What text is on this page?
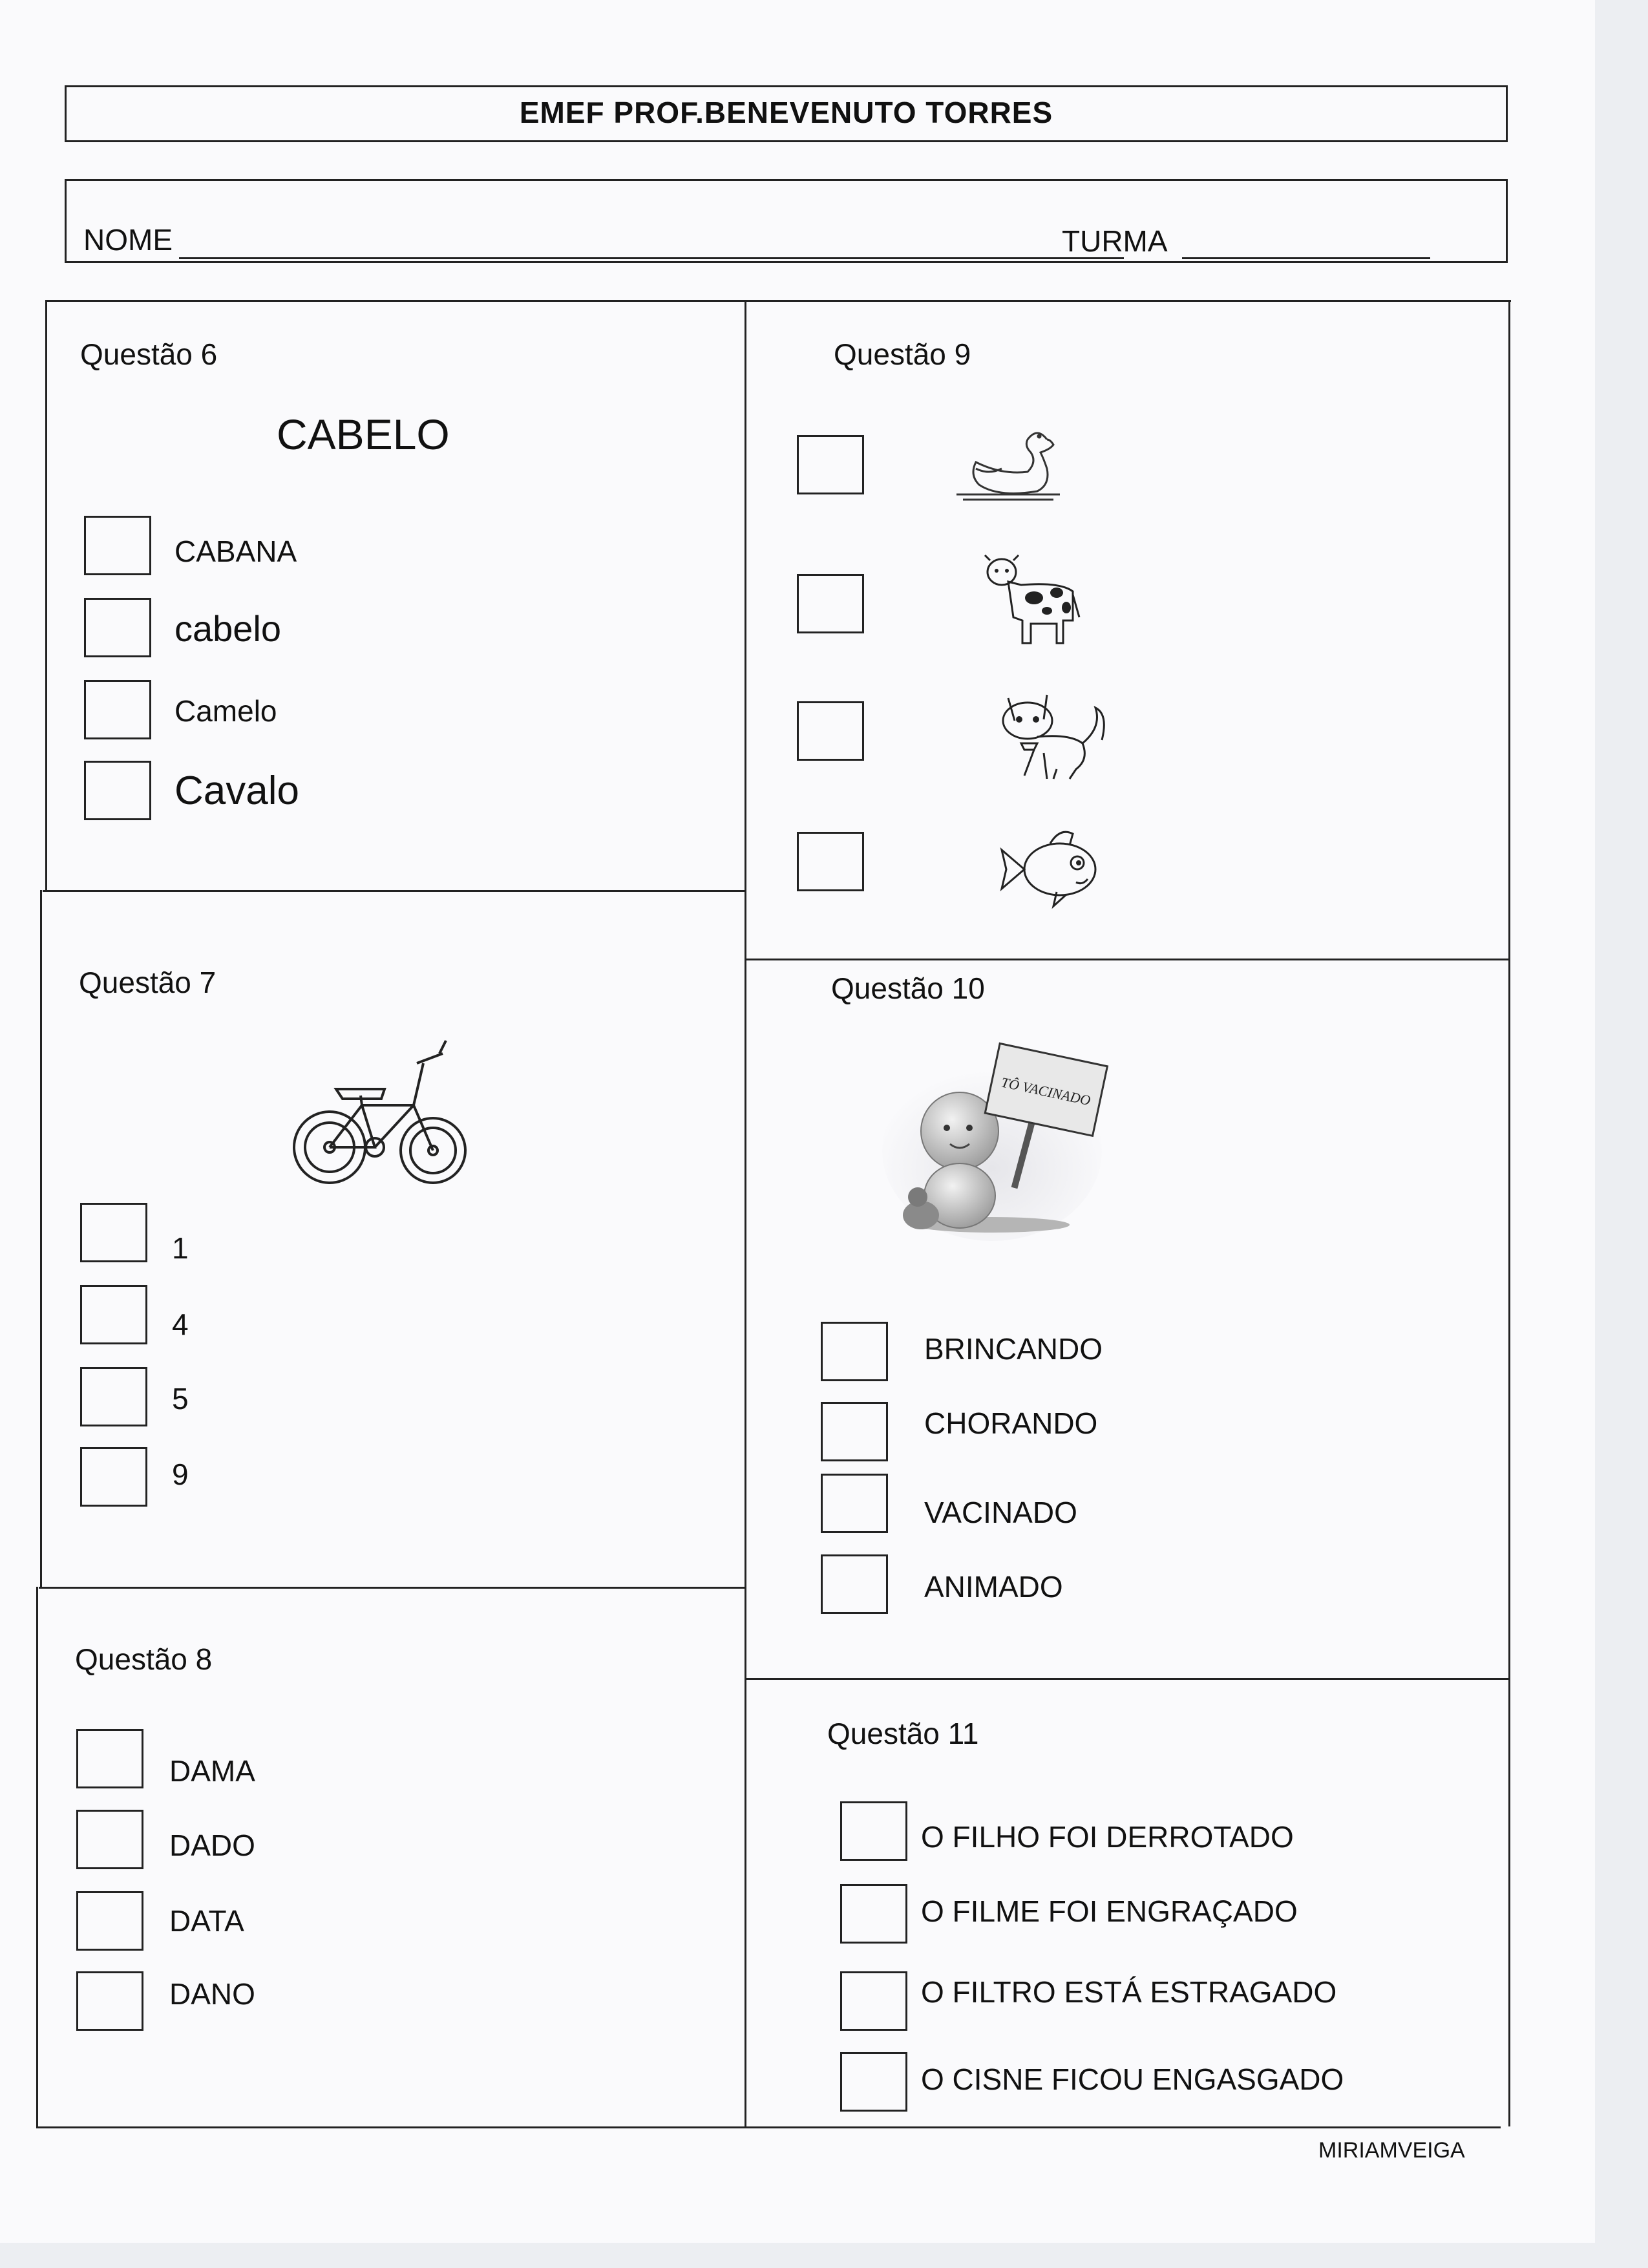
EMEF PROF.BENEVENUTO TORRES
NOME	TURMA
Questão 6
CABELO
CABANA
cabelo
Camelo
Cavalo
Questão 7
1
4
5
9
Questão 8
DAMA
DADO
DATA
DANO
Questão 9
Questão 10
TÔ VACINADO
BRINCANDO
CHORANDO
VACINADO
ANIMADO
Questão 11
O FILHO FOI DERROTADO
O FILME FOI ENGRAÇADO
O FILTRO ESTÁ ESTRAGADO
O CISNE FICOU ENGASGADO
MIRIAMVEIGA
